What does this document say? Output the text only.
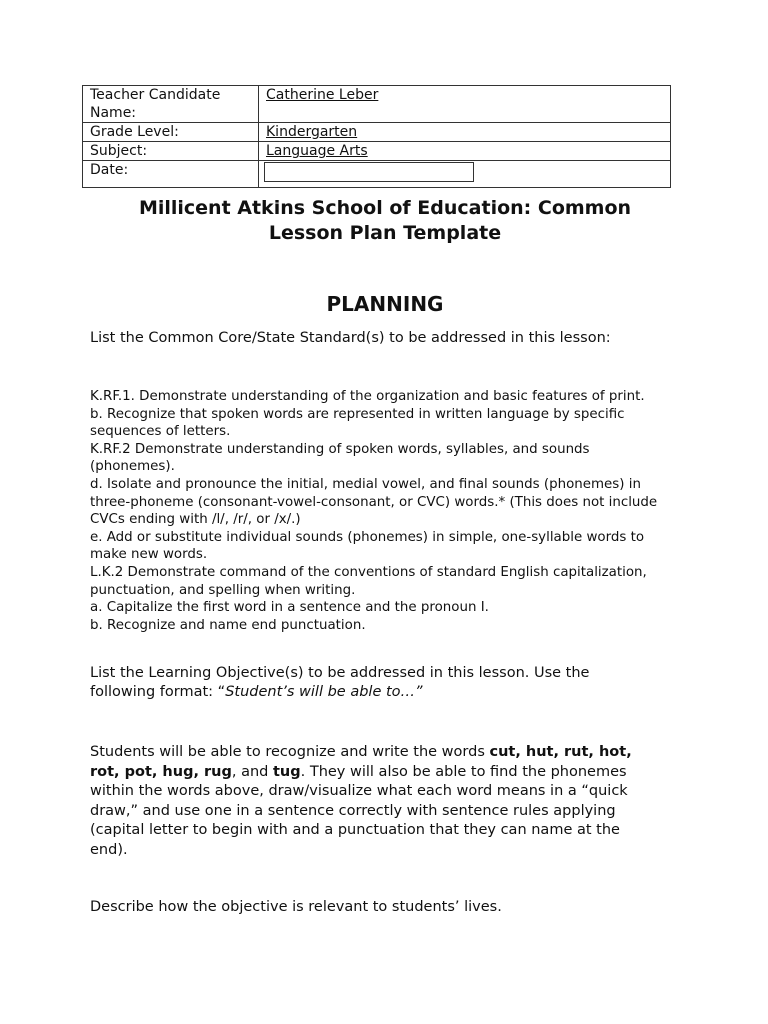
Teacher Candidate Name:	Catherine Leber
Grade Level:	Kindergarten
Subject:	Language Arts
Date:	
Millicent Atkins School of Education: Common
Lesson Plan Template
PLANNING
List the Common Core/State Standard(s) to be addressed in this lesson:
K.RF.1. Demonstrate understanding of the organization and basic features of print.
b. Recognize that spoken words are represented in written language by specific
sequences of letters.
K.RF.2 Demonstrate understanding of spoken words, syllables, and sounds
(phonemes).
d. Isolate and pronounce the initial, medial vowel, and final sounds (phonemes) in
three-phoneme (consonant-vowel-consonant, or CVC) words.* (This does not include
CVCs ending with /l/, /r/, or /x/.)
e. Add or substitute individual sounds (phonemes) in simple, one-syllable words to
make new words.
L.K.2 Demonstrate command of the conventions of standard English capitalization,
punctuation, and spelling when writing.
a. Capitalize the first word in a sentence and the pronoun I.
b. Recognize and name end punctuation.
List the Learning Objective(s) to be addressed in this lesson. Use the
following format: “Student’s will be able to…”
Students will be able to recognize and write the words cut, hut, rut, hot,
rot, pot, hug, rug, and tug. They will also be able to find the phonemes
within the words above, draw/visualize what each word means in a “quick
draw,” and use one in a sentence correctly with sentence rules applying
(capital letter to begin with and a punctuation that they can name at the
end).
Describe how the objective is relevant to students’ lives.
